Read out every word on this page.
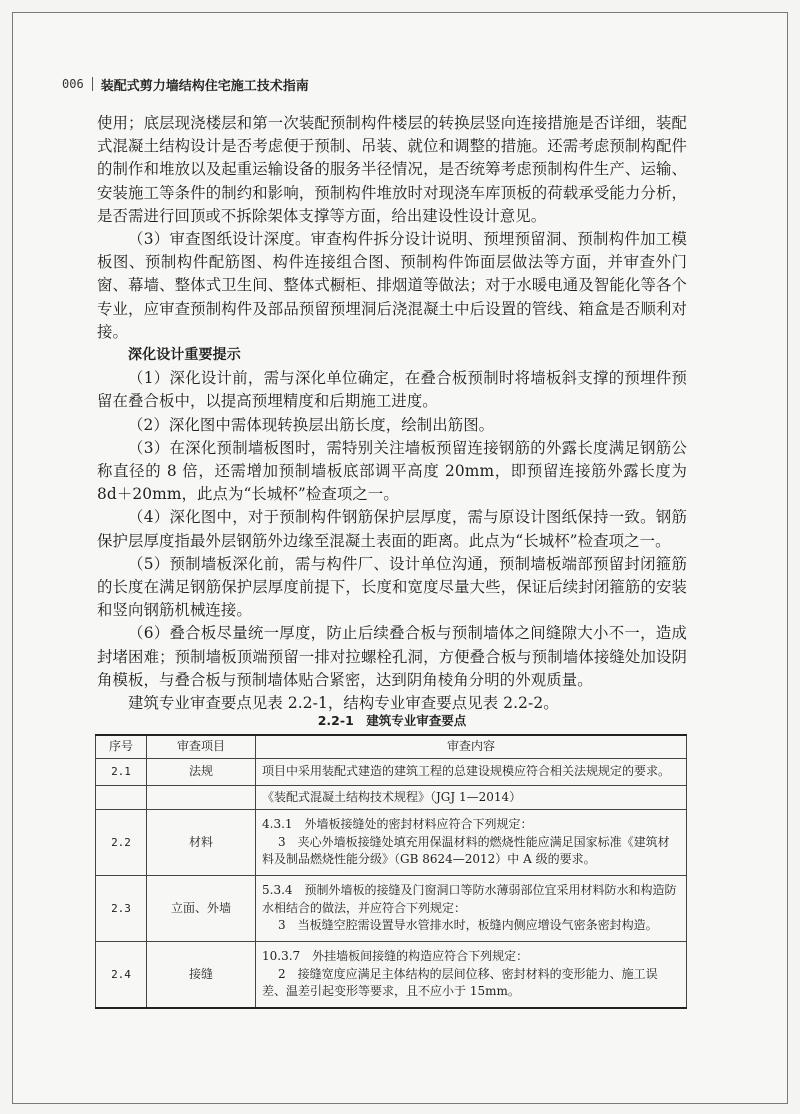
006 装配式剪力墙结构住宅施工技术指南

使用；底层现浇楼层和第一次装配预制构件楼层的转换层竖向连接措施是否详细，装配式混凝土结构设计是否考虑便于预制、吊装、就位和调整的措施。还需考虑预制构配件的制作和堆放以及起重运输设备的服务半径情况，是否统筹考虑预制构件生产、运输、安装施工等条件的制约和影响，预制构件堆放时对现浇车库顶板的荷载承受能力分析，是否需进行回顶或不拆除架体支撑等方面，给出建设性设计意见。

（3）审查图纸设计深度。审查构件拆分设计说明、预埋预留洞、预制构件加工模板图、预制构件配筋图、构件连接组合图、预制构件饰面层做法等方面，并审查外门窗、幕墙、整体式卫生间、整体式橱柜、排烟道等做法；对于水暖电通及智能化等各个专业，应审查预制构件及部品预留预埋洞后浇混凝土中后设置的管线、箱盒是否顺利对接。

深化设计重要提示

（1）深化设计前，需与深化单位确定，在叠合板预制时将墙板斜支撑的预埋件预留在叠合板中，以提高预埋精度和后期施工进度。

（2）深化图中需体现转换层出筋长度，绘制出筋图。

（3）在深化预制墙板图时，需特别关注墙板预留连接钢筋的外露长度满足钢筋公称直径的 8 倍，还需增加预制墙板底部调平高度 20mm，即预留连接筋外露长度为 8d＋20mm，此点为“长城杯”检查项之一。

（4）深化图中，对于预制构件钢筋保护层厚度，需与原设计图纸保持一致。钢筋保护层厚度指最外层钢筋外边缘至混凝土表面的距离。此点为“长城杯”检查项之一。

（5）预制墙板深化前，需与构件厂、设计单位沟通，预制墙板端部预留封闭箍筋的长度在满足钢筋保护层厚度前提下，长度和宽度尽量大些，保证后续封闭箍筋的安装和竖向钢筋机械连接。

（6）叠合板尽量统一厚度，防止后续叠合板与预制墙体之间缝隙大小不一，造成封堵困难；预制墙板顶端预留一排对拉螺栓孔洞，方便叠合板与预制墙体接缝处加设阴角模板，与叠合板与预制墙体贴合紧密，达到阴角棱角分明的外观质量。

建筑专业审查要点见表 2.2-1，结构专业审查要点见表 2.2-2。

2.2-1　建筑专业审查要点
序号	审查项目	审查内容
2.1	法规	项目中采用装配式建造的建筑工程的总建设规模应符合相关法规规定的要求。

		《装配式混凝土结构技术规程》（JGJ 1—2014）

2.2	材料	4.3.1　外墙板接缝处的密封材料应符合下列规定：

3　夹心外墙板接缝处填充用保温材料的燃烧性能应满足国家标准《建筑材料及制品燃烧性能分级》（GB 8624—2012）中 A 级的要求。

2.3	立面、外墙	5.3.4　预制外墙板的接缝及门窗洞口等防水薄弱部位宜采用材料防水和构造防水相结合的做法，并应符合下列规定：

3　当板缝空腔需设置导水管排水时，板缝内侧应增设气密条密封构造。

2.4	接缝	10.3.7　外挂墙板间接缝的构造应符合下列规定：

2　接缝宽度应满足主体结构的层间位移、密封材料的变形能力、施工误差、温差引起变形等要求，且不应小于 15mm。
